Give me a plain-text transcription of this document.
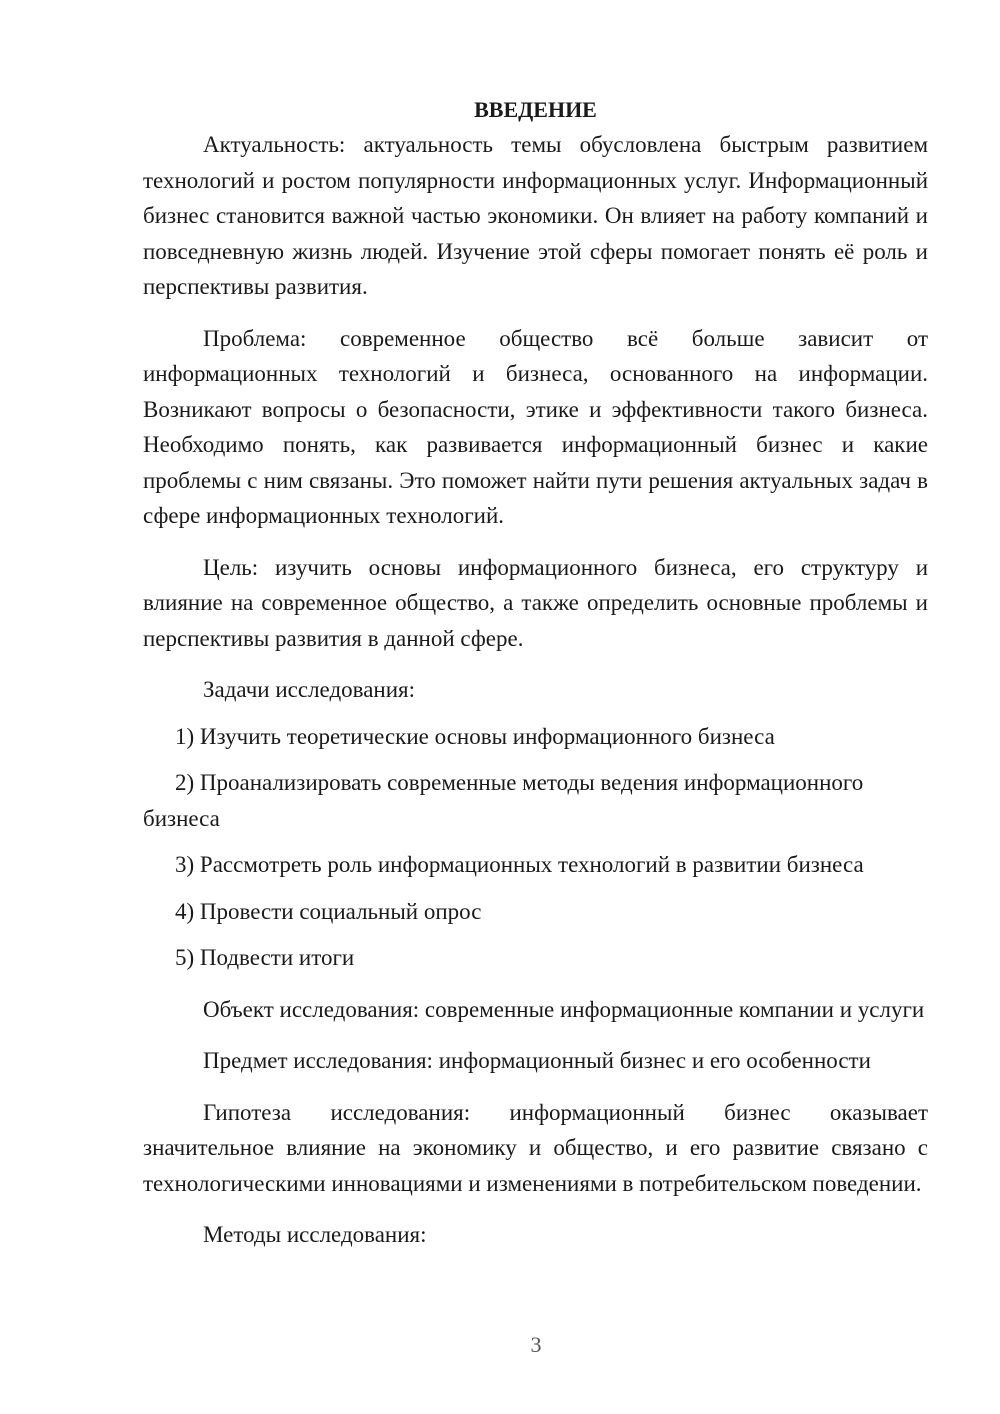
ВВЕДЕНИЕ

Актуальность: актуальность темы обусловлена быстрым развитием технологий и ростом популярности информационных услуг. Информационный бизнес становится важной частью экономики. Он влияет на работу компаний и повседневную жизнь людей. Изучение этой сферы помогает понять её роль и перспективы развития.

Проблема: современное общество всё больше зависит от информационных технологий и бизнеса, основанного на информации. Возникают вопросы о безопасности, этике и эффективности такого бизнеса. Необходимо понять, как развивается информационный бизнес и какие проблемы с ним связаны. Это поможет найти пути решения актуальных задач в сфере информационных технологий.

Цель: изучить основы информационного бизнеса, его структуру и влияние на современное общество, а также определить основные проблемы и перспективы развития в данной сфере.

Задачи исследования:

1) Изучить теоретические основы информационного бизнеса

2) Проанализировать современные методы ведения информационного бизнеса

3) Рассмотреть роль информационных технологий в развитии бизнеса

4) Провести социальный опрос

5) Подвести итоги

Объект исследования: современные информационные компании и услуги

Предмет исследования: информационный бизнес и его особенности

Гипотеза исследования: информационный бизнес оказывает значительное влияние на экономику и общество, и его развитие связано с технологическими инновациями и изменениями в потребительском поведении.

Методы исследования:

3
